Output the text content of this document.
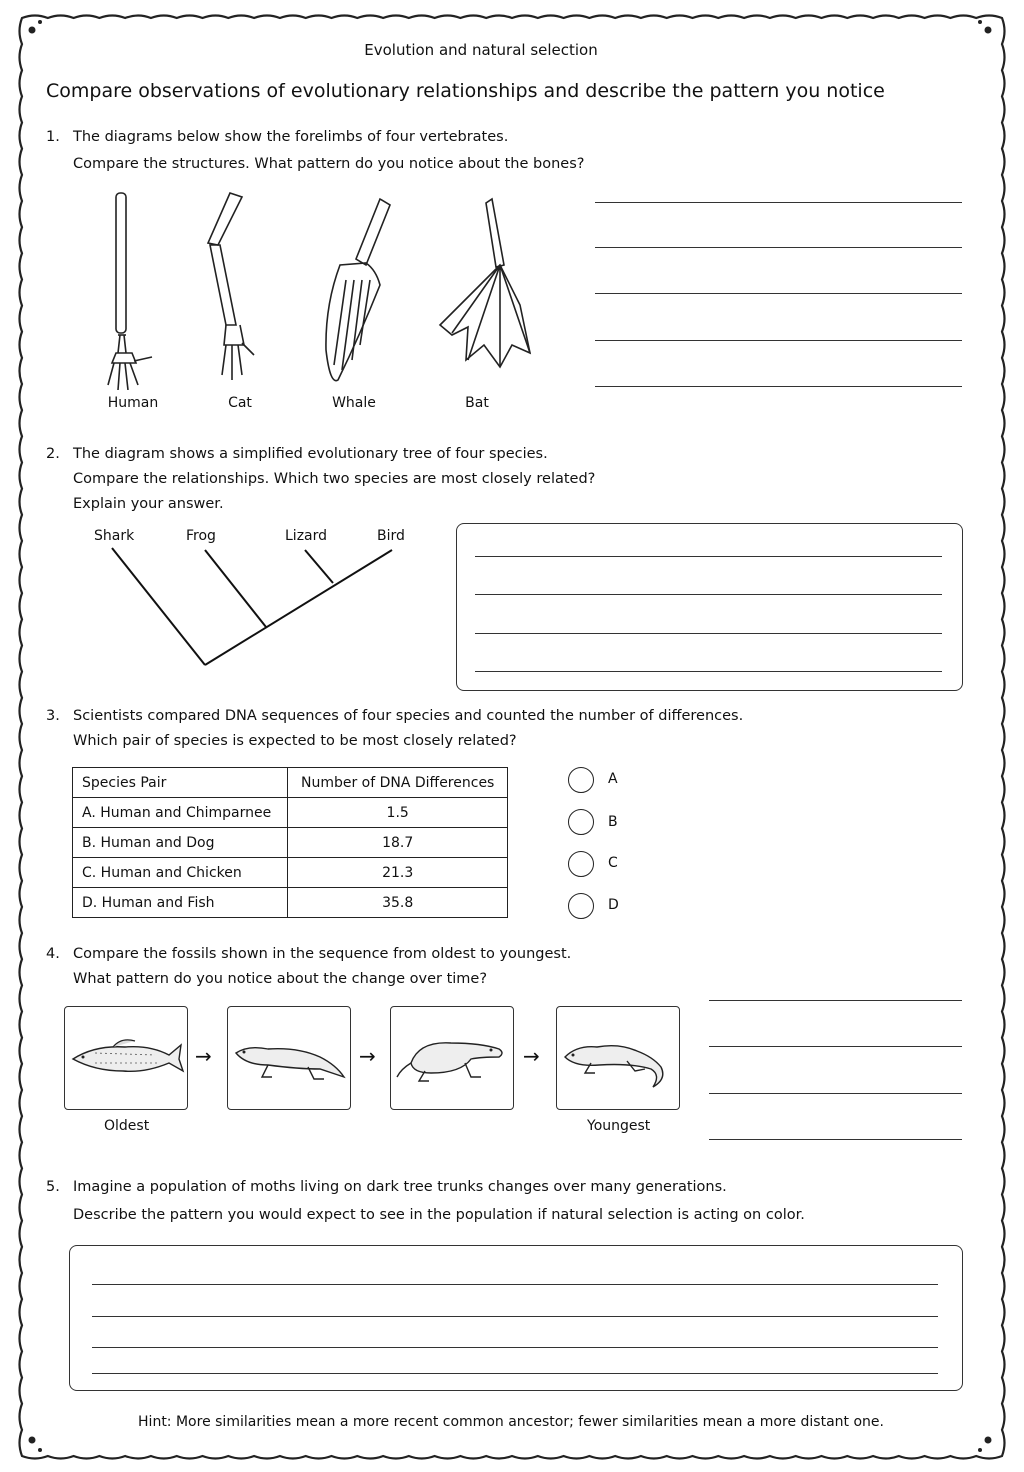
Evolution and natural selection
Compare observations of evolutionary relationships and describe the pattern you notice
1. The diagrams below show the forelimbs of four vertebrates.
Compare the structures. What pattern do you notice about the bones?
Human	Cat	Whale	Bat
2. The diagram shows a simplified evolutionary tree of four species.
Compare the relationships. Which two species are most closely related?
Explain your answer.
Shark	Frog	Lizard	Bird
3. Scientists compared DNA sequences of four species and counted the number of differences.
Which pair of species is expected to be most closely related?
Species Pair	Number of DNA Differences
A. Human and Chimparnee	1.5
B. Human and Dog	18.7
C. Human and Chicken	21.3
D. Human and Fish	35.8
A
B
C
D
4. Compare the fossils shown in the sequence from oldest to youngest.
What pattern do you notice about the change over time?
→	→	→
Oldest	Youngest
5. Imagine a population of moths living on dark tree trunks changes over many generations.
Describe the pattern you would expect to see in the population if natural selection is acting on color.
Hint: More similarities mean a more recent common ancestor; fewer similarities mean a more distant one.
